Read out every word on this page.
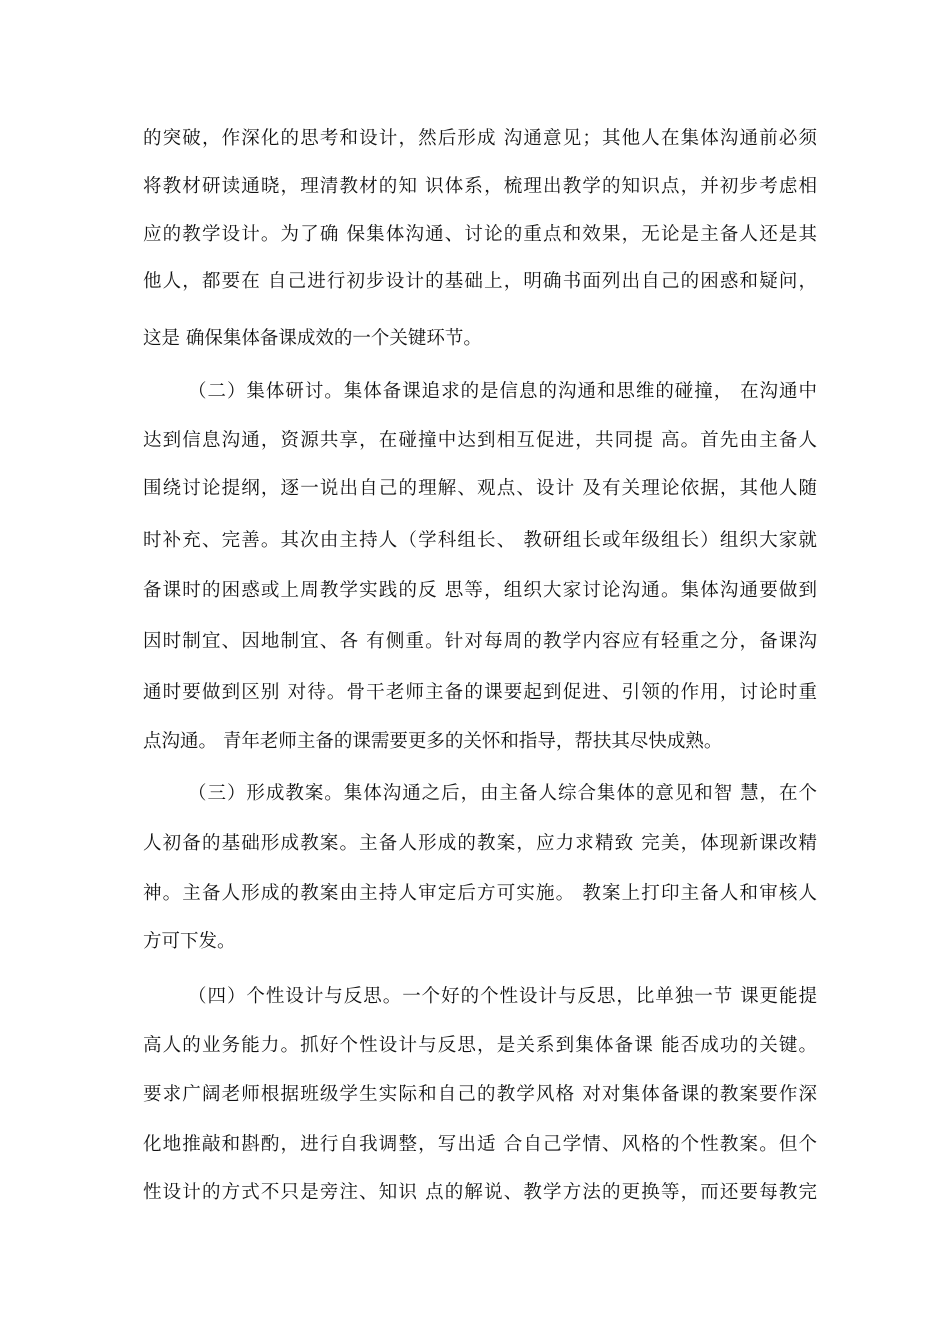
的突破，作深化的思考和设计，然后形成 沟通意见；其他人在集体沟通前必须
将教材研读通晓，理清教材的知 识体系，梳理出教学的知识点，并初步考虑相
应的教学设计。为了确 保集体沟通、讨论的重点和效果，无论是主备人还是其
他人，都要在 自己进行初步设计的基础上，明确书面列出自己的困惑和疑问，
这是 确保集体备课成效的一个关键环节。
（二）集体研讨。集体备课追求的是信息的沟通和思维的碰撞， 在沟通中
达到信息沟通，资源共享，在碰撞中达到相互促进，共同提 高。首先由主备人
围绕讨论提纲，逐一说出自己的理解、观点、设计 及有关理论依据，其他人随
时补充、完善。其次由主持人（学科组长、 教研组长或年级组长）组织大家就
备课时的困惑或上周教学实践的反 思等，组织大家讨论沟通。集体沟通要做到
因时制宜、因地制宜、各 有侧重。针对每周的教学内容应有轻重之分，备课沟
通时要做到区别 对待。骨干老师主备的课要起到促进、引领的作用，讨论时重
点沟通。 青年老师主备的课需要更多的关怀和指导，帮扶其尽快成熟。
（三）形成教案。集体沟通之后，由主备人综合集体的意见和智 慧，在个
人初备的基础形成教案。主备人形成的教案，应力求精致 完美，体现新课改精
神。主备人形成的教案由主持人审定后方可实施。 教案上打印主备人和审核人
方可下发。
（四）个性设计与反思。一个好的个性设计与反思，比单独一节 课更能提
高人的业务能力。抓好个性设计与反思，是关系到集体备课 能否成功的关键。
要求广阔老师根据班级学生实际和自己的教学风格 对对集体备课的教案要作深
化地推敲和斟酌，进行自我调整，写出适 合自己学情、风格的个性教案。但个
性设计的方式不只是旁注、知识 点的解说、教学方法的更换等，而还要每教完
